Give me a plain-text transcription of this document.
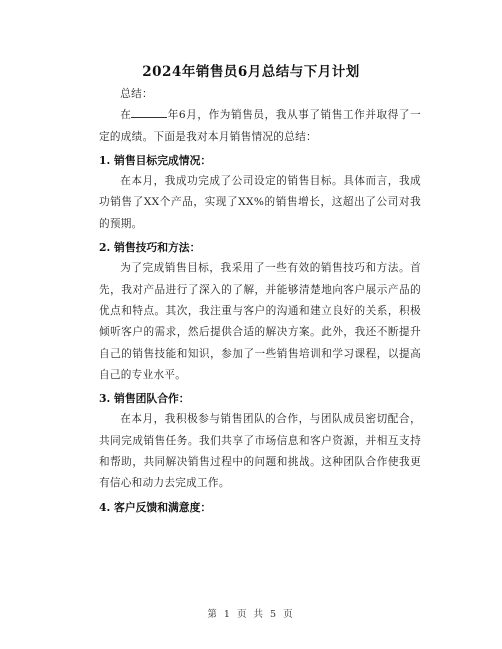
2024年销售员6月总结与下月计划

总结：

在	年6月，作为销售员，我从事了销售工作并取得了一定的成绩。下面是我对本月销售情况的总结：

1. 销售目标完成情况：

在本月，我成功完成了公司设定的销售目标。具体而言，我成功销售了XX个产品，实现了XX%的销售增长，这超出了公司对我的预期。

2. 销售技巧和方法：

为了完成销售目标，我采用了一些有效的销售技巧和方法。首先，我对产品进行了深入的了解，并能够清楚地向客户展示产品的优点和特点。其次，我注重与客户的沟通和建立良好的关系，积极倾听客户的需求，然后提供合适的解决方案。此外，我还不断提升自己的销售技能和知识，参加了一些销售培训和学习课程，以提高自己的专业水平。

3. 销售团队合作：

在本月，我积极参与销售团队的合作，与团队成员密切配合，共同完成销售任务。我们共享了市场信息和客户资源，并相互支持和帮助，共同解决销售过程中的问题和挑战。这种团队合作使我更有信心和动力去完成工作。

4. 客户反馈和满意度：
第 1 页 共 5 页
